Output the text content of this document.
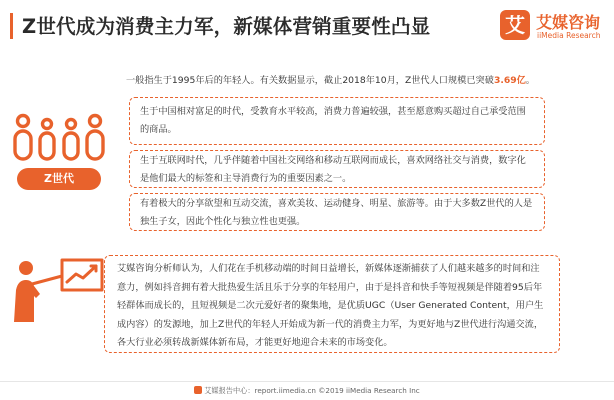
Z世代成为消费主力军，新媒体营销重要性凸显	艾 艾媒咨询
iiMedia Research
一般指生于1995年后的年轻人。有关数据显示，截止2018年10月，Z世代人口规模已突破3.69亿。
Z世代

生于中国相对富足的时代，受教育水平较高，消费力普遍较强，甚至愿意购买超过自己承受范围的商品。

生于互联网时代，几乎伴随着中国社交网络和移动互联网而成长，喜欢网络社交与消费，数字化是他们最大的标签和主导消费行为的重要因素之一。

有着极大的分享欲望和互动交流，喜欢美妆、运动健身、明星、旅游等。由于大多数Z世代的人是独生子女，因此个性化与独立性也更强。

艾媒咨询分析师认为，人们花在手机移动端的时间日益增长，新媒体逐渐捕获了人们越来越多的时间和注意力，例如抖音拥有着大批热爱生活且乐于分享的年轻用户，由于是抖音和快手等短视频是伴随着95后年轻群体而成长的，且短视频是二次元爱好者的聚集地，是优质UGC（User Generated Content，用户生成内容）的发源地，加上Z世代的年轻人开始成为新一代的消费主力军，为更好地与Z世代进行沟通交流，各大行业必须转战新媒体新布局，才能更好地迎合未来的市场变化。

艾媒报告中心：report.iimedia.cn ©2019 iiMedia Research Inc
